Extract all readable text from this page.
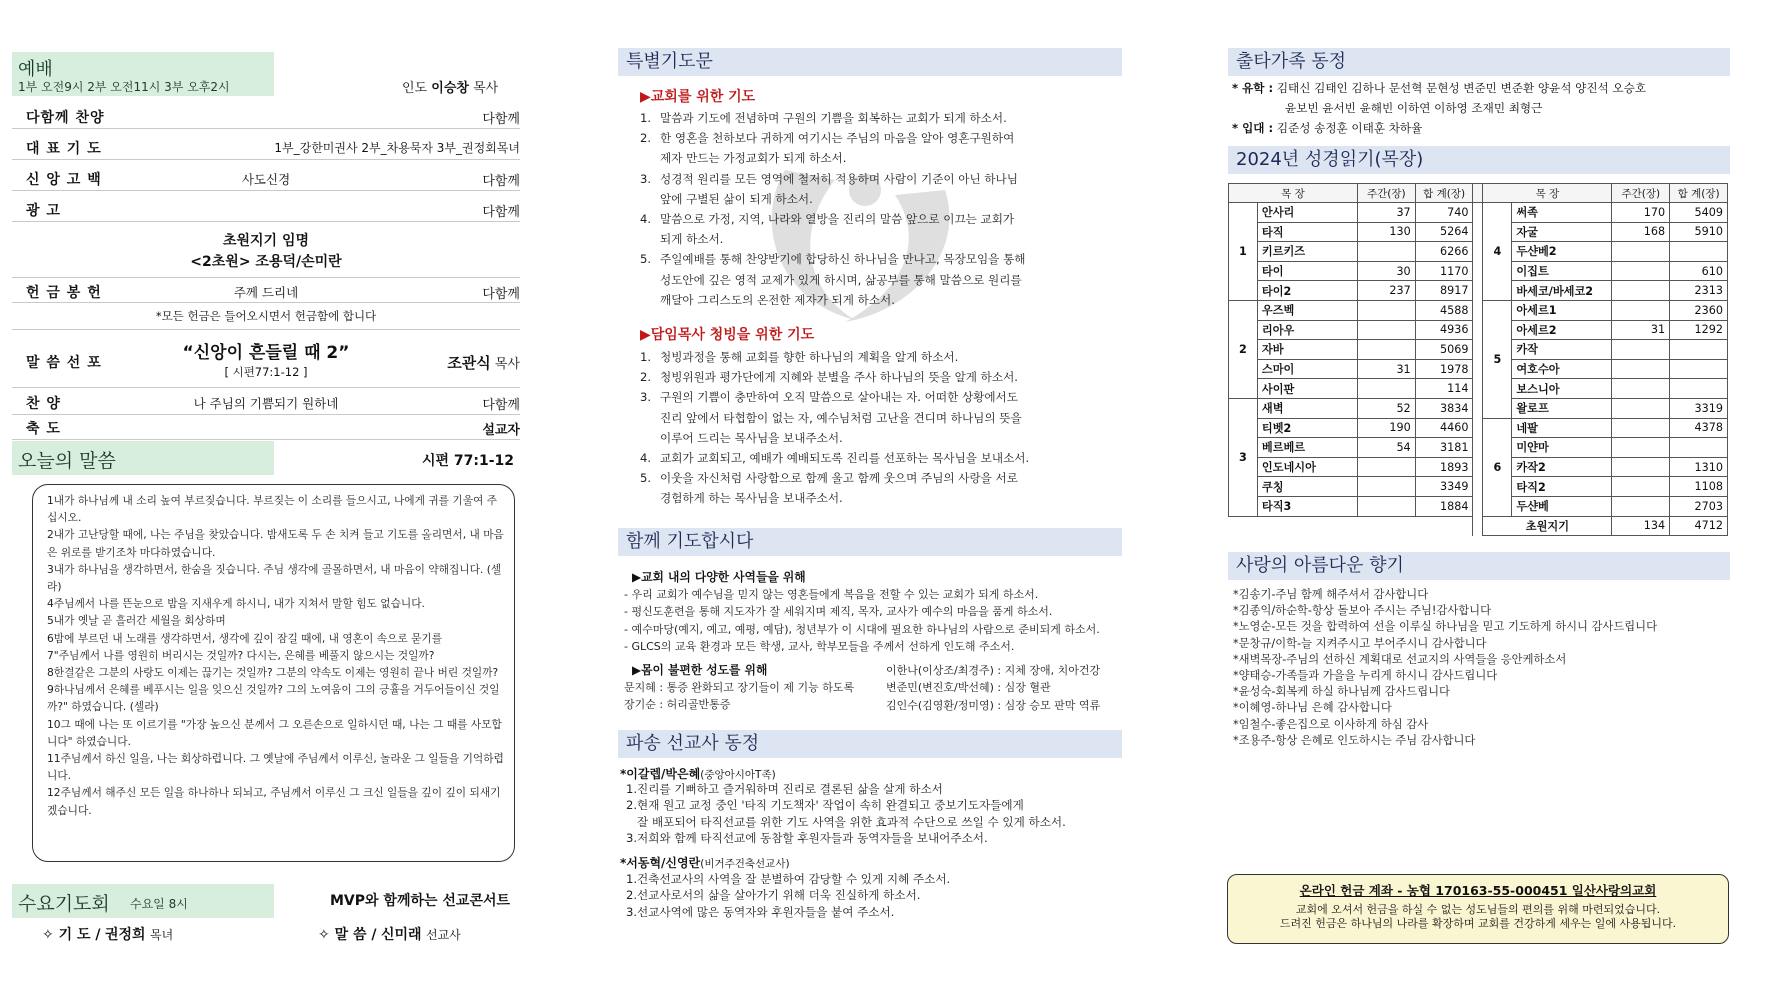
예배
1부 오전9시 2부 오전11시 3부 오후2시	인도 이승창 목사
다함께 찬양	다함께
대 표 기 도	1부_강한미권사 2부_차용묵자 3부_권정회목녀
신 앙 고 백	사도신경	다함께
광 고	다함께
초원지기 임명
<2초원> 조용덕/손미란
헌 금 봉 헌	주께 드리네	다함께
*모든 헌금은 들어오시면서 헌금함에 합니다
말 씀 선 포	“신앙이 흔들릴 때 2”
[ 시편77:1-12 ]	조관식 목사
찬 양	나 주님의 기쁨되기 원하네	다함께
축 도	설교자
오늘의 말씀	시편 77:1-12

1내가 하나님께 내 소리 높여 부르짖습니다. 부르짖는 이 소리를 들으시고, 나에게 귀를 기울여 주십시오.

2내가 고난당할 때에, 나는 주님을 찾았습니다. 밤새도록 두 손 치켜 들고 기도를 올리면서, 내 마음은 위로를 받기조차 마다하였습니다.

3내가 하나님을 생각하면서, 한숨을 짓습니다. 주님 생각에 골몰하면서, 내 마음이 약해집니다. (셀라)

4주님께서 나를 뜬눈으로 밤을 지새우게 하시니, 내가 지쳐서 말할 힘도 없습니다.

5내가 옛날 곧 흘러간 세월을 회상하며

6밤에 부르던 내 노래를 생각하면서, 생각에 깊이 잠길 때에, 내 영혼이 속으로 묻기를

7"주님께서 나를 영원히 버리시는 것일까? 다시는, 은혜를 베풀지 않으시는 것일까?

8한결같은 그분의 사랑도 이제는 끊기는 것일까? 그분의 약속도 이제는 영원히 끝나 버린 것일까?

9하나님께서 은혜를 베푸시는 일을 잊으신 것일까? 그의 노여움이 그의 긍휼을 거두어들이신 것일까?" 하였습니다. (셀라)

10그 때에 나는 또 이르기를 "가장 높으신 분께서 그 오른손으로 일하시던 때, 나는 그 때를 사모합니다" 하였습니다.

11주님께서 하신 일을, 나는 회상하렵니다. 그 옛날에 주님께서 이루신, 놀라운 그 일들을 기억하렵니다.

12주님께서 해주신 모든 일을 하나하나 되뇌고, 주님께서 이루신 그 크신 일들을 깊이 깊이 되새기겠습니다.

수요기도회 수요일 8시	MVP와 함께하는 선교콘서트
✧ 기 도 / 권정희 목녀	✧ 말 씀 / 신미래 선교사
특별기도문
▶교회를 위한 기도
1. 말씀과 기도에 전념하며 구원의 기쁨을 회복하는 교회가 되게 하소서.
2. 한 영혼을 천하보다 귀하게 여기시는 주님의 마음을 알아 영혼구원하여
제자 만드는 가정교회가 되게 하소서.
3. 성경적 원리를 모든 영역에 철저히 적용하며 사람이 기준이 아닌 하나님
앞에 구별된 삶이 되게 하소서.
4. 말씀으로 가정, 지역, 나라와 열방을 진리의 말씀 앞으로 이끄는 교회가
되게 하소서.
5. 주일예배를 통해 찬양받기에 합당하신 하나님을 만나고, 목장모임을 통해
성도안에 깊은 영적 교제가 있게 하시며, 삶공부를 통해 말씀으로 원리를
깨달아 그리스도의 온전한 제자가 되게 하소서.
▶담임목사 청빙을 위한 기도
1. 청빙과정을 통해 교회를 향한 하나님의 계획을 알게 하소서.
2. 청빙위원과 평가단에게 지혜와 분별을 주사 하나님의 뜻을 알게 하소서.
3. 구원의 기쁨이 충만하여 오직 말씀으로 살아내는 자. 어떠한 상황에서도
진리 앞에서 타협함이 없는 자, 예수님처럼 고난을 견디며 하나님의 뜻을
이루어 드리는 목사님을 보내주소서.
4. 교회가 교회되고, 예배가 예배되도록 진리를 선포하는 목사님을 보내소서.
5. 이웃을 자신처럼 사랑함으로 함께 울고 함께 웃으며 주님의 사랑을 서로
경험하게 하는 목사님을 보내주소서.
함께 기도합시다
▶교회 내의 다양한 사역들을 위해
- 우리 교회가 예수님을 믿지 않는 영혼들에게 복음을 전할 수 있는 교회가 되게 하소서.
- 평신도훈련을 통해 지도자가 잘 세워지며 제직, 목자, 교사가 예수의 마음을 품게 하소서.
- 예수마당(예지, 예고, 예평, 예담), 청년부가 이 시대에 필요한 하나님의 사람으로 준비되게 하소서.
- GLCS의 교육 환경과 모든 학생, 교사, 학부모들을 주께서 선하게 인도해 주소서.
▶몸이 불편한 성도를 위해
문지혜 : 통증 완화되고 장기들이 제 기능 하도록
장기순 : 허리골반통증
이한나(이상조/최경주) : 지체 장애, 치아건강
변준민(변진호/박선혜) : 심장 혈관
김인수(김영환/정미영) : 심장 승모 판막 역류
파송 선교사 동정
*이갈렙/박은혜(중앙아시아T족)
1.진리를 기뻐하고 즐거워하며 진리로 결론된 삶을 살게 하소서
2.현재 원고 교정 중인 '타직 기도책자' 작업이 속히 완결되고 중보기도자들에게
잘 배포되어 타직선교를 위한 기도 사역을 위한 효과적 수단으로 쓰일 수 있게 하소서.
3.저희와 함께 타직선교에 동참할 후원자들과 동역자들을 보내어주소서.
*서동혁/신영란(비거주건축선교사)
1.건축선교사의 사역을 잘 분별하여 감당할 수 있게 지혜 주소서.
2.선교사로서의 삶을 살아가기 위해 더욱 진실하게 하소서.
3.선교사역에 많은 동역자와 후원자들을 붙여 주소서.
출타가족 동정
* 유학 : 김태신 김태인 김하나 문선혁 문현성 변준민 변준환 양윤석 양진석 오승호
윤보빈 윤서빈 윤해빈 이하연 이하영 조재민 최형근
* 입대 : 김준성 송정훈 이태훈 차하율
2024년 성경읽기(목장)
목 장		주간(장)	합 계(장)		목 장		주간(장)	합 계(장)
1	안사리	37	740		4	써족	170	5409
	타직	130	5264			자굴	168	5910
	키르키즈		6266			두샨베2		
	타이	30	1170			이집트		610
	타이2	237	8917			바세코/바세코2		2313
2	우즈벡		4588		5	아세르1		2360
	리아우		4936			아세르2	31	1292
	자바		5069			카작		
	스마이	31	1978			여호수아		
	사이판		114			보스니아		
3	새벽	52	3834			왈로프		3319
	티벳2	190	4460		6	네팔		4378
	베르베르	54	3181			미얀마		
	인도네시아		1893			카작2		1310
	쿠칭		3349			타직2		1108
	타직3		1884			두샨베		2703
					초원지기		134	4712
사랑의 아름다운 향기
*김송기-주님 함께 해주셔서 감사합니다
*김종익/하순학-항상 돌보아 주시는 주님!감사합니다
*노영순-모든 것을 합력하여 선을 이루실 하나님을 믿고 기도하게 하시니 감사드립니다
*문창규/이학-늘 지켜주시고 부어주시니 감사합니다
*새벽목장-주님의 선하신 계획대로 선교지의 사역들을 응안케하소서
*양태승-가족들과 가을을 누리게 하시니 감사드립니다
*윤성숙-회복케 하실 하나님께 감사드립니다
*이혜영-하나님 은혜 감사합니다
*임철수-좋은집으로 이사하게 하심 감사
*조용주-항상 은혜로 인도하시는 주님 감사합니다
온라인 헌금 계좌 - 농협 170163-55-000451 일산사랑의교회
교회에 오셔서 헌금을 하실 수 없는 성도님들의 편의를 위해 마련되었습니다.
드려진 헌금은 하나님의 나라를 확장하며 교회를 건강하게 세우는 일에 사용됩니다.
